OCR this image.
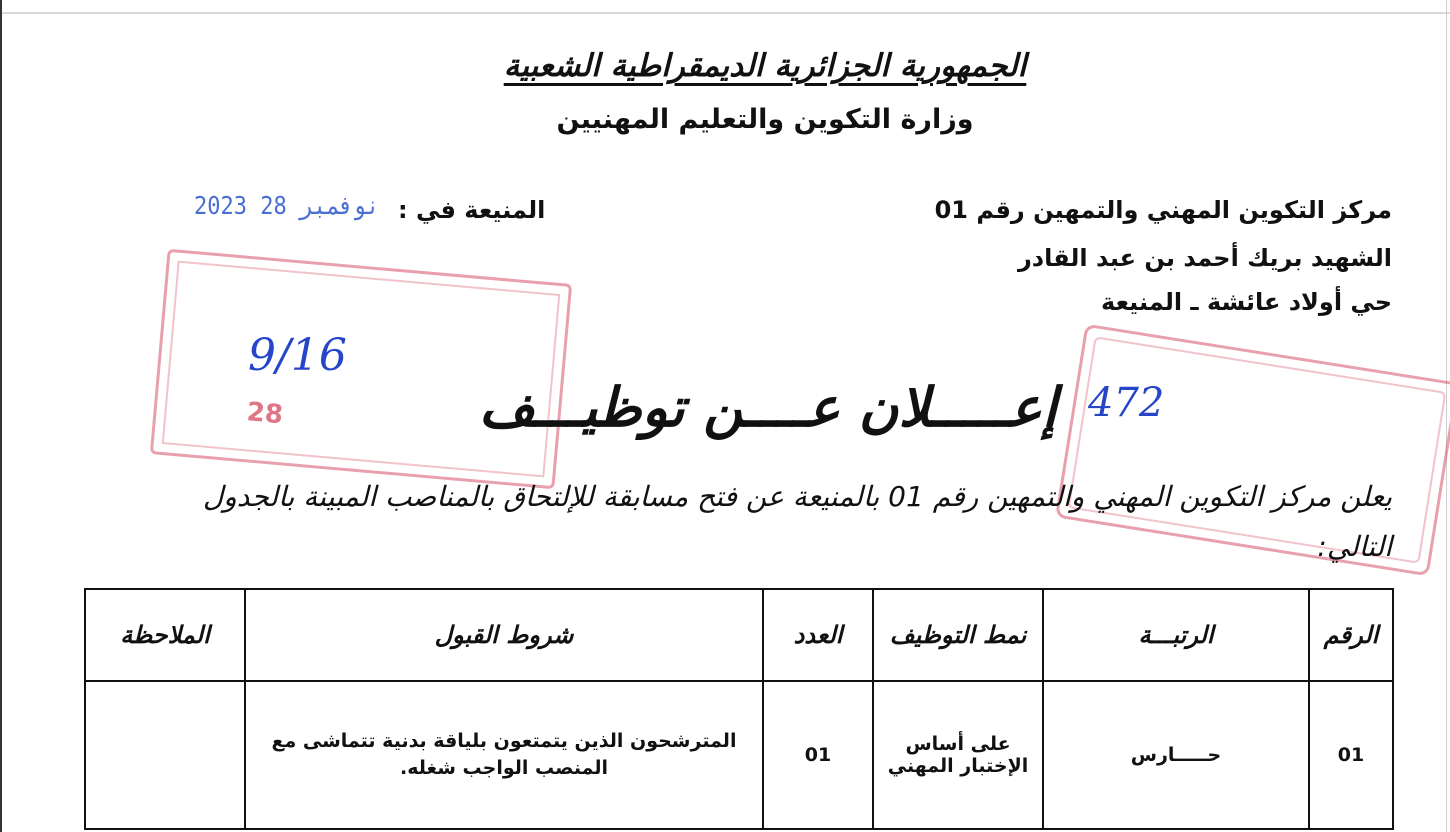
الجمهورية الجزائرية الديمقراطية الشعبية
وزارة التكوين والتعليم المهنيين
مركز التكوين المهني والتمهين رقم 01
الشهيد بريك أحمد بن عبد القادر
حي أولاد عائشة ـ المنيعة
المنيعة في :
2023 نوفمبر 28
28
9/16
472
إعـــــلان عــــن توظيـــف
يعلن مركز التكوين المهني والتمهين رقم 01 بالمنيعة عن فتح مسابقة للإلتحاق بالمناصب المبينة بالجدول التالي:
الرقم	الرتبـــة	نمط التوظيف	العدد	شروط القبول	الملاحظة
01	حـــــارس	على أساس الإختبار المهني	01	المترشحون الذين يتمتعون بلياقة بدنية تتماشى مع المنصب الواجب شغله.	
